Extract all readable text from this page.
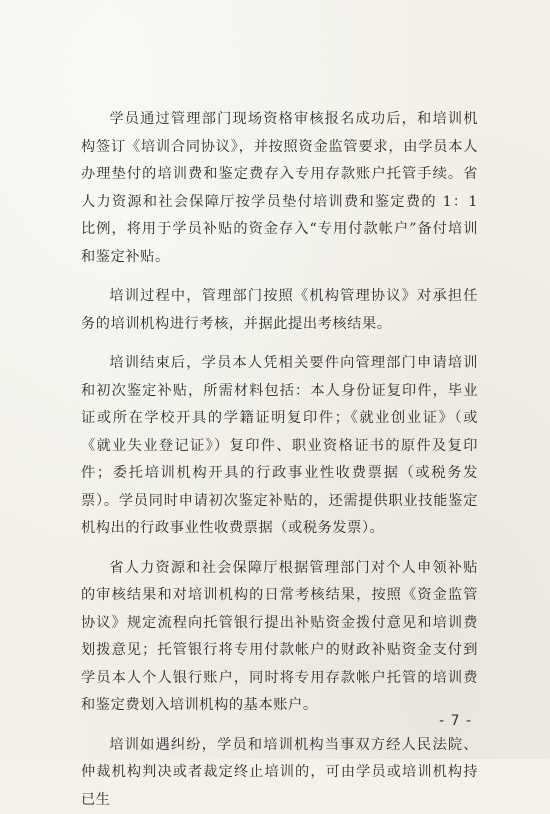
学员通过管理部门现场资格审核报名成功后，和培训机构签订《培训合同协议》，并按照资金监管要求，由学员本人办理垫付的培训费和鉴定费存入专用存款账户托管手续。省人力资源和社会保障厅按学员垫付培训费和鉴定费的 1：1 比例，将用于学员补贴的资金存入“专用付款帐户”备付培训和鉴定补贴。

培训过程中，管理部门按照《机构管理协议》对承担任务的培训机构进行考核，并据此提出考核结果。

培训结束后，学员本人凭相关要件向管理部门申请培训和初次鉴定补贴，所需材料包括：本人身份证复印件，毕业证或所在学校开具的学籍证明复印件；《就业创业证》（或《就业失业登记证》）复印件、职业资格证书的原件及复印件；委托培训机构开具的行政事业性收费票据（或税务发票）。学员同时申请初次鉴定补贴的，还需提供职业技能鉴定机构出的行政事业性收费票据（或税务发票）。

省人力资源和社会保障厅根据管理部门对个人申领补贴的审核结果和对培训机构的日常考核结果，按照《资金监管协议》规定流程向托管银行提出补贴资金拨付意见和培训费划拨意见；托管银行将专用付款帐户的财政补贴资金支付到学员本人个人银行账户，同时将专用存款帐户托管的培训费和鉴定费划入培训机构的基本账户。

培训如遇纠纷，学员和培训机构当事双方经人民法院、仲裁机构判决或者裁定终止培训的，可由学员或培训机构持已生

- 7 -
